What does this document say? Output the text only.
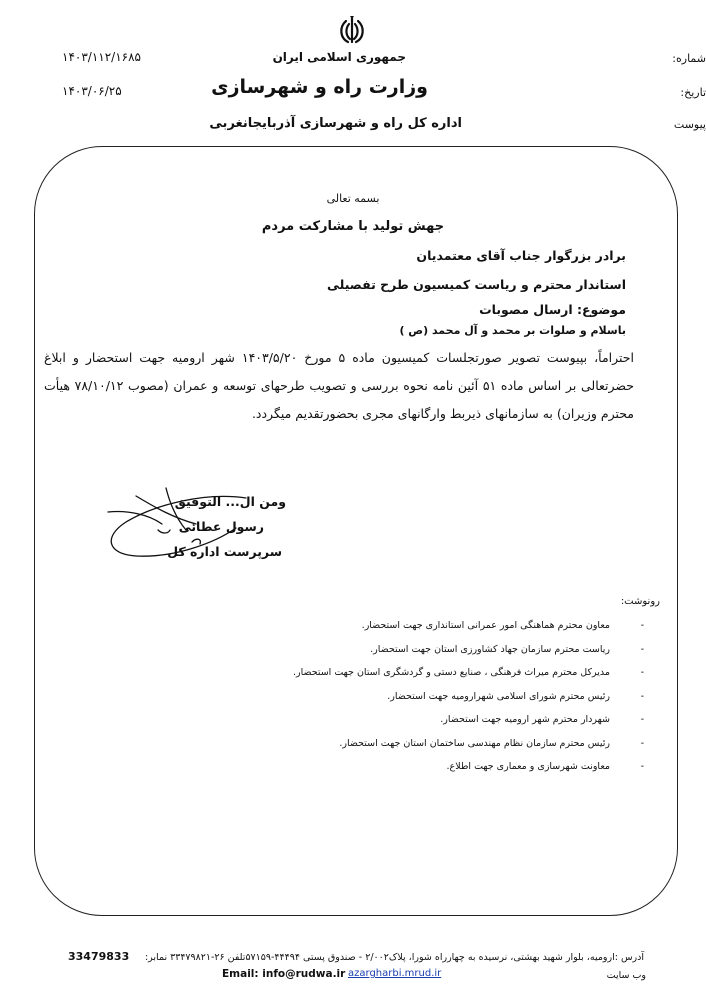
جمهوری اسلامی ایران
وزارت راه و شهرسازی
اداره کل راه و شهرسازی آذربایجانغربی
شماره:
۱۴۰۳/۱۱۲/۱۶۸۵
تاریخ:
۱۴۰۳/۰۶/۲۵
پیوست
بسمه تعالی
جهش تولید با مشارکت مردم
برادر بزرگوار جناب آقای معتمدیان
استاندار محترم و ریاست کمیسیون طرح تفصیلی
موضوع: ارسال مصوبات
باسلام و صلوات بر محمد و آل محمد (ص )
احتراماً، بپیوست تصویر صورتجلسات کمیسیون ماده ۵ مورخ ۱۴۰۳/۵/۲۰ شهر ارومیه جهت استحضار و ابلاغ حضرتعالی بر اساس ماده ۵۱ آئین نامه نحوه بررسی و تصویب طرحهای توسعه و عمران (مصوب ۷۸/۱۰/۱۲ هیأت محترم وزیران) به سازمانهای ذیربط وارگانهای مجری بحضورتقدیم میگردد.
ومن ال... التوفیق
رسول عطائی
سرپرست اداره کل
رونوشت:
-
معاون محترم هماهنگی امور عمرانی استانداری جهت استحضار.
-
ریاست محترم سازمان جهاد کشاورزی استان جهت استحضار.
-
مدیرکل محترم میراث فرهنگی ، صنایع دستی و گردشگری استان جهت استحضار.
-
رئیس محترم شورای اسلامی شهرارومیه جهت استحضار.
-
شهردار محترم شهر ارومیه جهت استحضار.
-
رئیس محترم سازمان نظام مهندسی ساختمان استان جهت استحضار.
-
معاونت شهرسازی و معماری جهت اطلاع.
آدرس :ارومیه، بلوار شهید بهشتی، نرسیده به چهارراه شورا، پلاک۲/۰۰۲ - صندوق پستی ۴۴۴۹۴-۵۷۱۵۹تلفن ۲۶-۳۳۴۷۹۸۲۱ نمابر:
33479833
وب سایت
azargharbi.mrud.ir
Email: info@rudwa.ir
